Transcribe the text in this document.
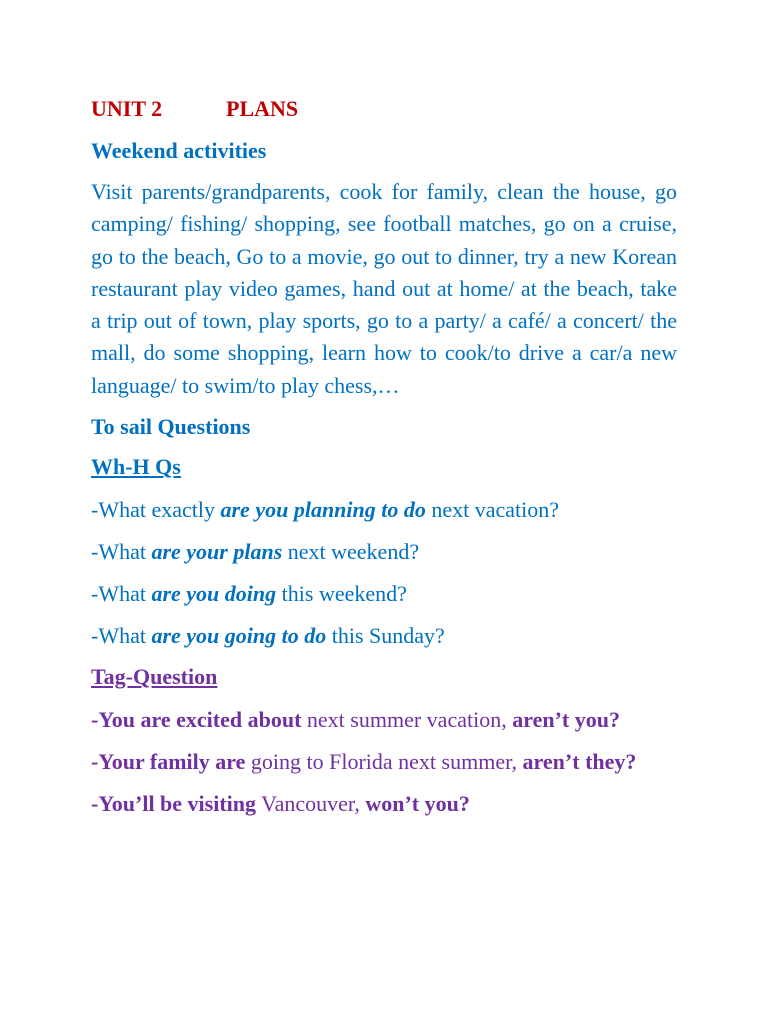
UNIT 2	PLANS
Weekend activities

Visit parents/grandparents, cook for family, clean the house, go camping/ fishing/ shopping, see football matches, go on a cruise, go to the beach, Go to a movie, go out to dinner, try a new Korean restaurant play video games, hand out at home/ at the beach, take a trip out of town, play sports, go to a party/ a café/ a concert/ the mall, do some shopping, learn how to cook/to drive a car/a new language/ to swim/to play chess,…

To sail Questions
Wh-H Qs
-What exactly are you planning to do next vacation?
-What are your plans next weekend?
-What are you doing this weekend?
-What are you going to do this Sunday?
Tag-Question
-You are excited about next summer vacation, aren’t you?
-Your family are going to Florida next summer, aren’t they?
-You’ll be visiting Vancouver, won’t you?
